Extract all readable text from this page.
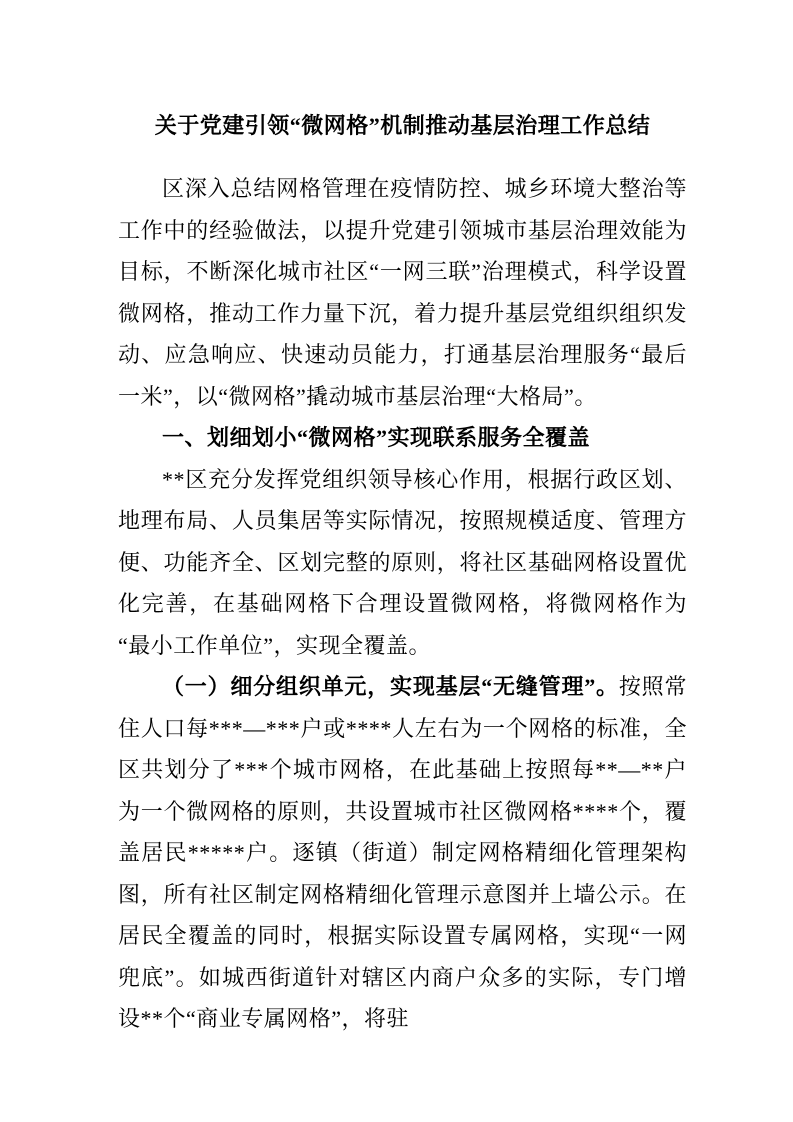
关于党建引领“微网格”机制推动基层治理工作总结

区深入总结网格管理在疫情防控、城乡环境大整治等工作中的经验做法，以提升党建引领城市基层治理效能为目标，不断深化城市社区“一网三联”治理模式，科学设置微网格，推动工作力量下沉，着力提升基层党组织组织发动、应急响应、快速动员能力，打通基层治理服务“最后一米”，以“微网格”撬动城市基层治理“大格局”。

一、划细划小“微网格”实现联系服务全覆盖

**区充分发挥党组织领导核心作用，根据行政区划、地理布局、人员集居等实际情况，按照规模适度、管理方便、功能齐全、区划完整的原则，将社区基础网格设置优化完善，在基础网格下合理设置微网格，将微网格作为“最小工作单位”，实现全覆盖。

（一）细分组织单元，实现基层“无缝管理”。按照常住人口每***—***户或****人左右为一个网格的标准，全区共划分了***个城市网格，在此基础上按照每**—**户为一个微网格的原则，共设置城市社区微网格****个，覆盖居民*****户。逐镇（街道）制定网格精细化管理架构图，所有社区制定网格精细化管理示意图并上墙公示。在居民全覆盖的同时，根据实际设置专属网格，实现“一网兜底”。如城西街道针对辖区内商户众多的实际，专门增设**个“商业专属网格”，将驻
